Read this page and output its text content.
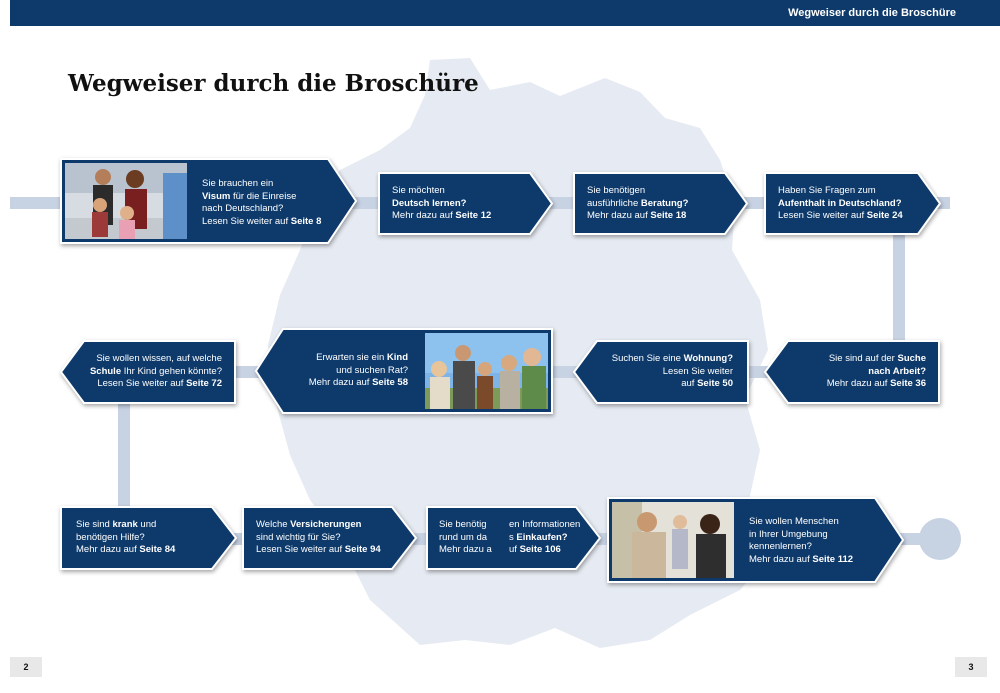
Wegweiser durch die Broschüre
Wegweiser durch die Broschüre
Sie brauchen ein
Visum für die Einreise
nach Deutschland?
Lesen Sie weiter auf Seite 8
Sie möchten
Deutsch lernen?
Mehr dazu auf Seite 12
Sie benötigen
ausführliche Beratung?
Mehr dazu auf Seite 18
Haben Sie Fragen zum
Aufenthalt in Deutschland?
Lesen Sie weiter auf Seite 24
Sie sind auf der Suche
nach Arbeit?
Mehr dazu auf Seite 36
Suchen Sie eine Wohnung?
Lesen Sie weiter
auf Seite 50
Erwarten sie ein Kind
und suchen Rat?
Mehr dazu auf Seite 58
Sie wollen wissen, auf welche
Schule Ihr Kind gehen könnte?
Lesen Sie weiter auf Seite 72
Sie sind krank und
benötigen Hilfe?
Mehr dazu auf Seite 84
Welche Versicherungen
sind wichtig für Sie?
Lesen Sie weiter auf Seite 94
Sie benötig
rund um da
Mehr dazu a
en Informationen
s Einkaufen?
uf Seite 106
Sie wollen Menschen
in Ihrer Umgebung
kennenlernen?
Mehr dazu auf Seite 112
2	3
